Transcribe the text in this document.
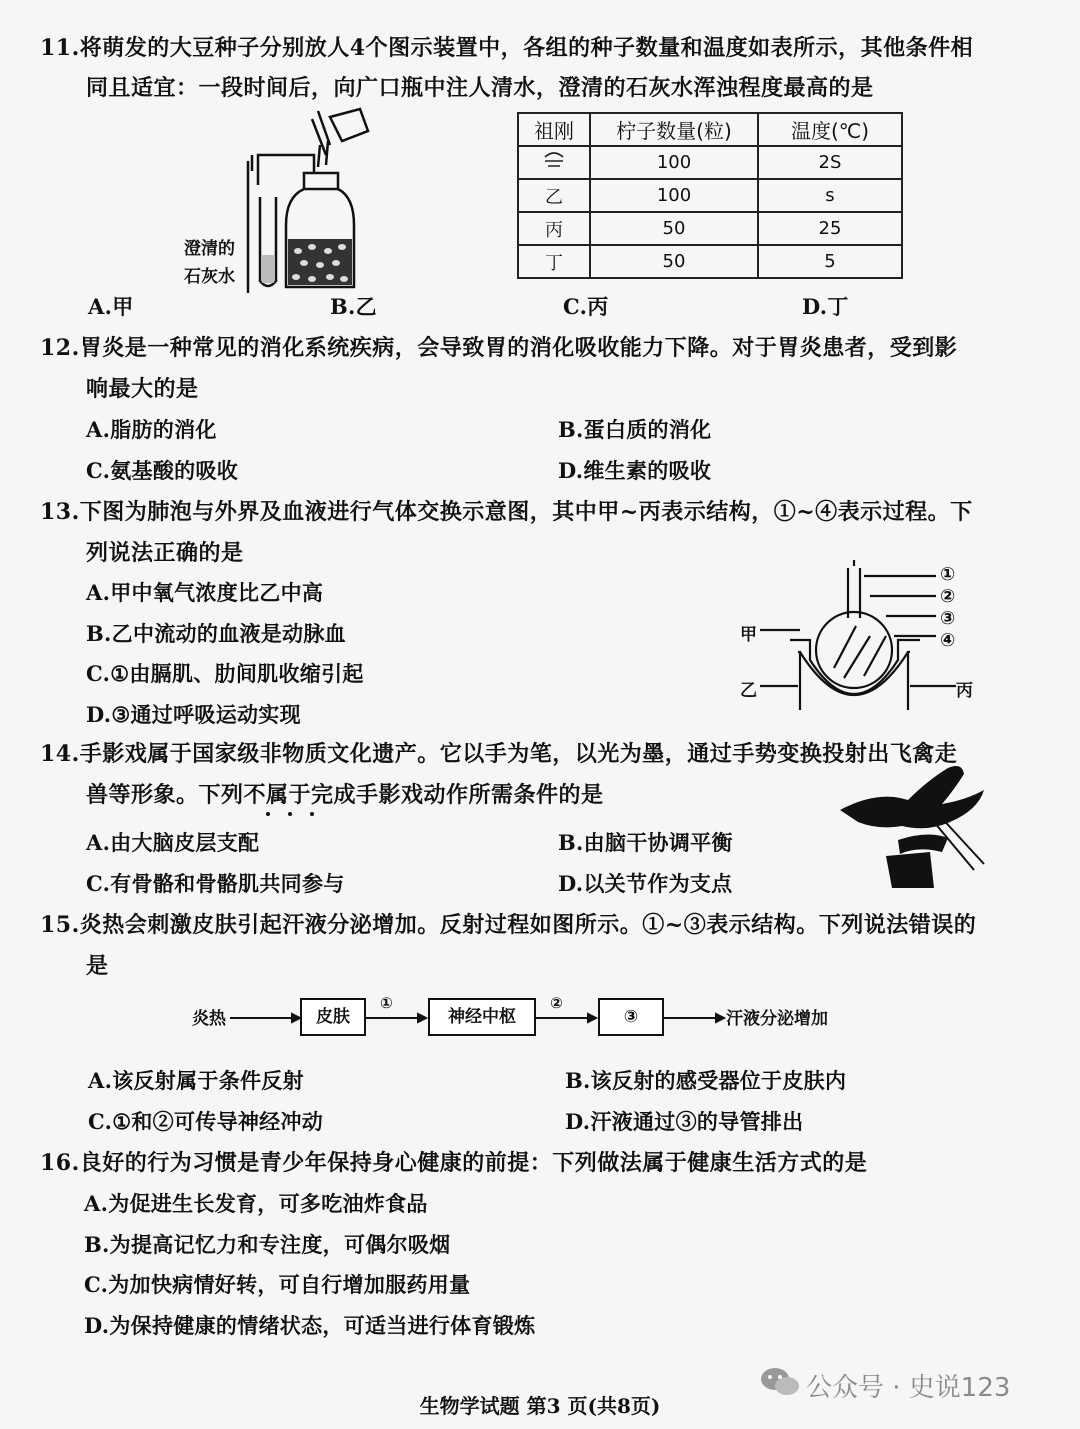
11.将萌发的大豆种子分别放人4个图示装置中，各组的种子数量和温度如表所示，其他条件相
同且适宜：一段时间后，向广口瓶中注人清水，澄清的石灰水浑浊程度最高的是
澄清的
石灰水
祖刚	柠子数量(粒)	温度(℃)
	100	2S
乙	100	s
丙	50	25
丁	50	5
A.甲	B.乙	C.丙	D.丁
12.胃炎是一种常见的消化系统疾病，会导致胃的消化吸收能力下降。对于胃炎患者，受到影
响最大的是
A.脂肪的消化	B.蛋白质的消化
C.氨基酸的吸收	D.维生素的吸收
13.下图为肺泡与外界及血液进行气体交换示意图，其中甲~丙表示结构，①~④表示过程。下
列说法正确的是
A.甲中氧气浓度比乙中高
B.乙中流动的血液是动脉血
C.①由膈肌、肋间肌收缩引起
D.③通过呼吸运动实现
甲
乙	丙
①
②
③
④
14.手影戏属于国家级非物质文化遗产。它以手为笔，以光为墨，通过手势变换投射出飞禽走
兽等形象。下列不属于完成手影戏动作所需条件的是
A.由大脑皮层支配	B.由脑干协调平衡
C.有骨骼和骨骼肌共同参与	D.以关节作为支点
15.炎热会刺激皮肤引起汗液分泌增加。反射过程如图所示。①~③表示结构。下列说法错误的
是
炎热	皮肤
①
神经中枢
②
③	汗液分泌增加
A.该反射属于条件反射	B.该反射的感受器位于皮肤内
C.①和②可传导神经冲动	D.汗液通过③的导管排出
16.良好的行为习惯是青少年保持身心健康的前提：下列做法属于健康生活方式的是
A.为促进生长发育，可多吃油炸食品
B.为提高记忆力和专注度，可偶尔吸烟
C.为加快病情好转，可自行增加服药用量
D.为保持健康的情绪状态，可适当进行体育锻炼
公众号 · 史说123
生物学试题 第3 页(共8页)
